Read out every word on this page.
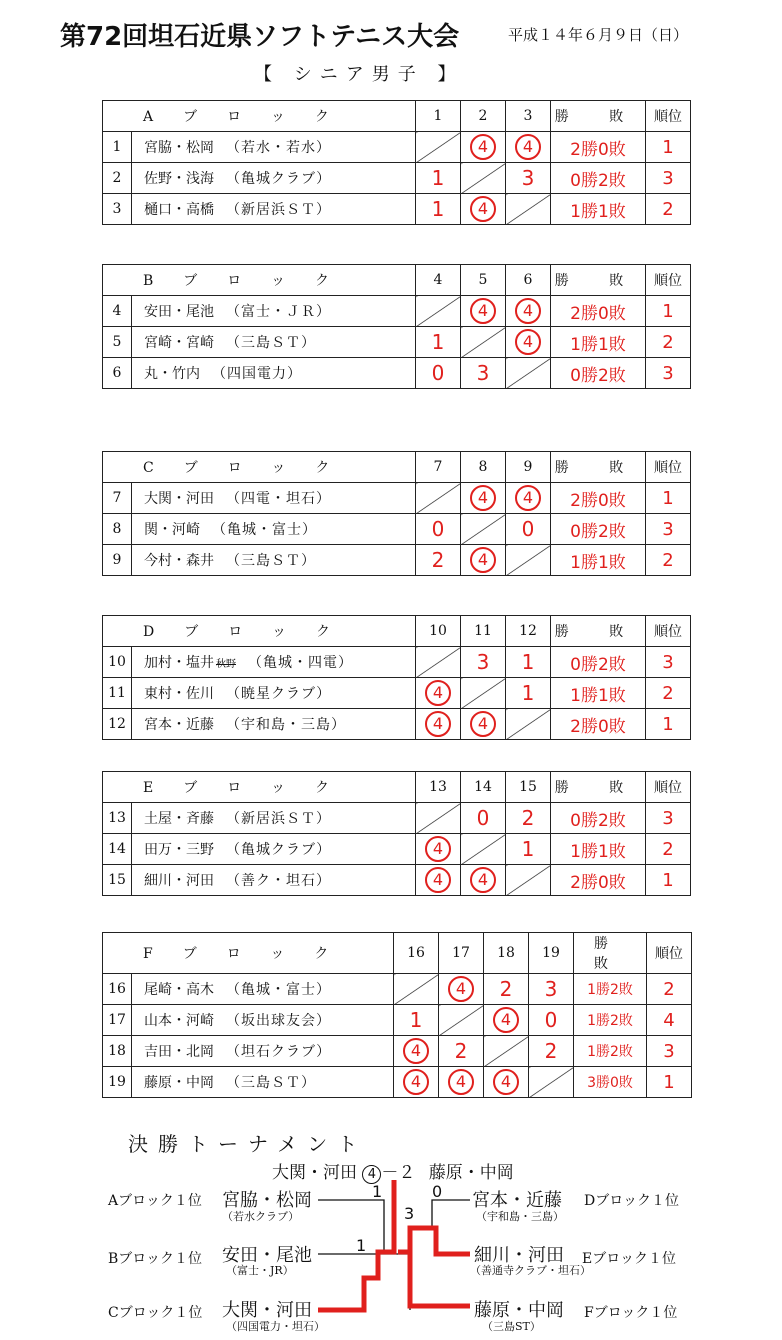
第72回坦石近県ソフトテニス大会	平成１４年６月９日（日）
【 シニア男子 】
Aブロック		1	2	3	勝 敗	順位
1	宮脇・松岡 （若水・若水）		4	4	2勝0敗	1
2	佐野・浅海 （亀城クラブ）	1		3	0勝2敗	3
3	樋口・高橋 （新居浜ＳＴ）	1	4		1勝1敗	2
Bブロック		4	5	6	勝 敗	順位
4	安田・尾池 （富士・ＪＲ）		4	4	2勝0敗	1
5	宮崎・宮崎 （三島ＳＴ）	1		4	1勝1敗	2
6	丸・竹内 （四国電力）	0	3		0勝2敗	3
Cブロック		7	8	9	勝 敗	順位
7	大関・河田 （四電・坦石）		4	4	2勝0敗	1
8	関・河崎 （亀城・富士）	0		0	0勝2敗	3
9	今村・森井 （三島ＳＴ）	2	4		1勝1敗	2
Dブロック		10	11	12	勝 敗	順位
10	加村・塩井 秋野 （亀城・四電）		3	1	0勝2敗	3
11	東村・佐川 （暁星クラブ）	4		1	1勝1敗	2
12	宮本・近藤 （宇和島・三島）	4	4		2勝0敗	1
Eブロック		13	14	15	勝 敗	順位
13	土屋・斉藤 （新居浜ＳＴ）		0	2	0勝2敗	3
14	田万・三野 （亀城クラブ）	4		1	1勝1敗	2
15	細川・河田 （善ク・坦石）	4	4		2勝0敗	1
Fブロック		16	17	18	19	勝 敗	順位
16	尾崎・高木 （亀城・富士）		4	2	3	1勝2敗	2
17	山本・河崎 （坂出球友会）	1		4	0	1勝2敗	4
18	吉田・北岡 （坦石クラブ）	4	2		2	1勝2敗	3
19	藤原・中岡 （三島ＳＴ）	4	4	4		3勝0敗	1
決勝トーナメント
大関・河田 4 －２ 藤原・中岡
Aブロック１位 宮脇・松岡
（若水クラブ）
Bブロック１位 安田・尾池
（富士・JR）
Cブロック１位 大関・河田
（四国電力・坦石）
宮本・近藤
（宇和島・三島）
Dブロック１位
細川・河田
（善通寺クラブ・坦石）
Eブロック１位
藤原・中岡
（三島ST）
Fブロック１位
1
1
0
3
